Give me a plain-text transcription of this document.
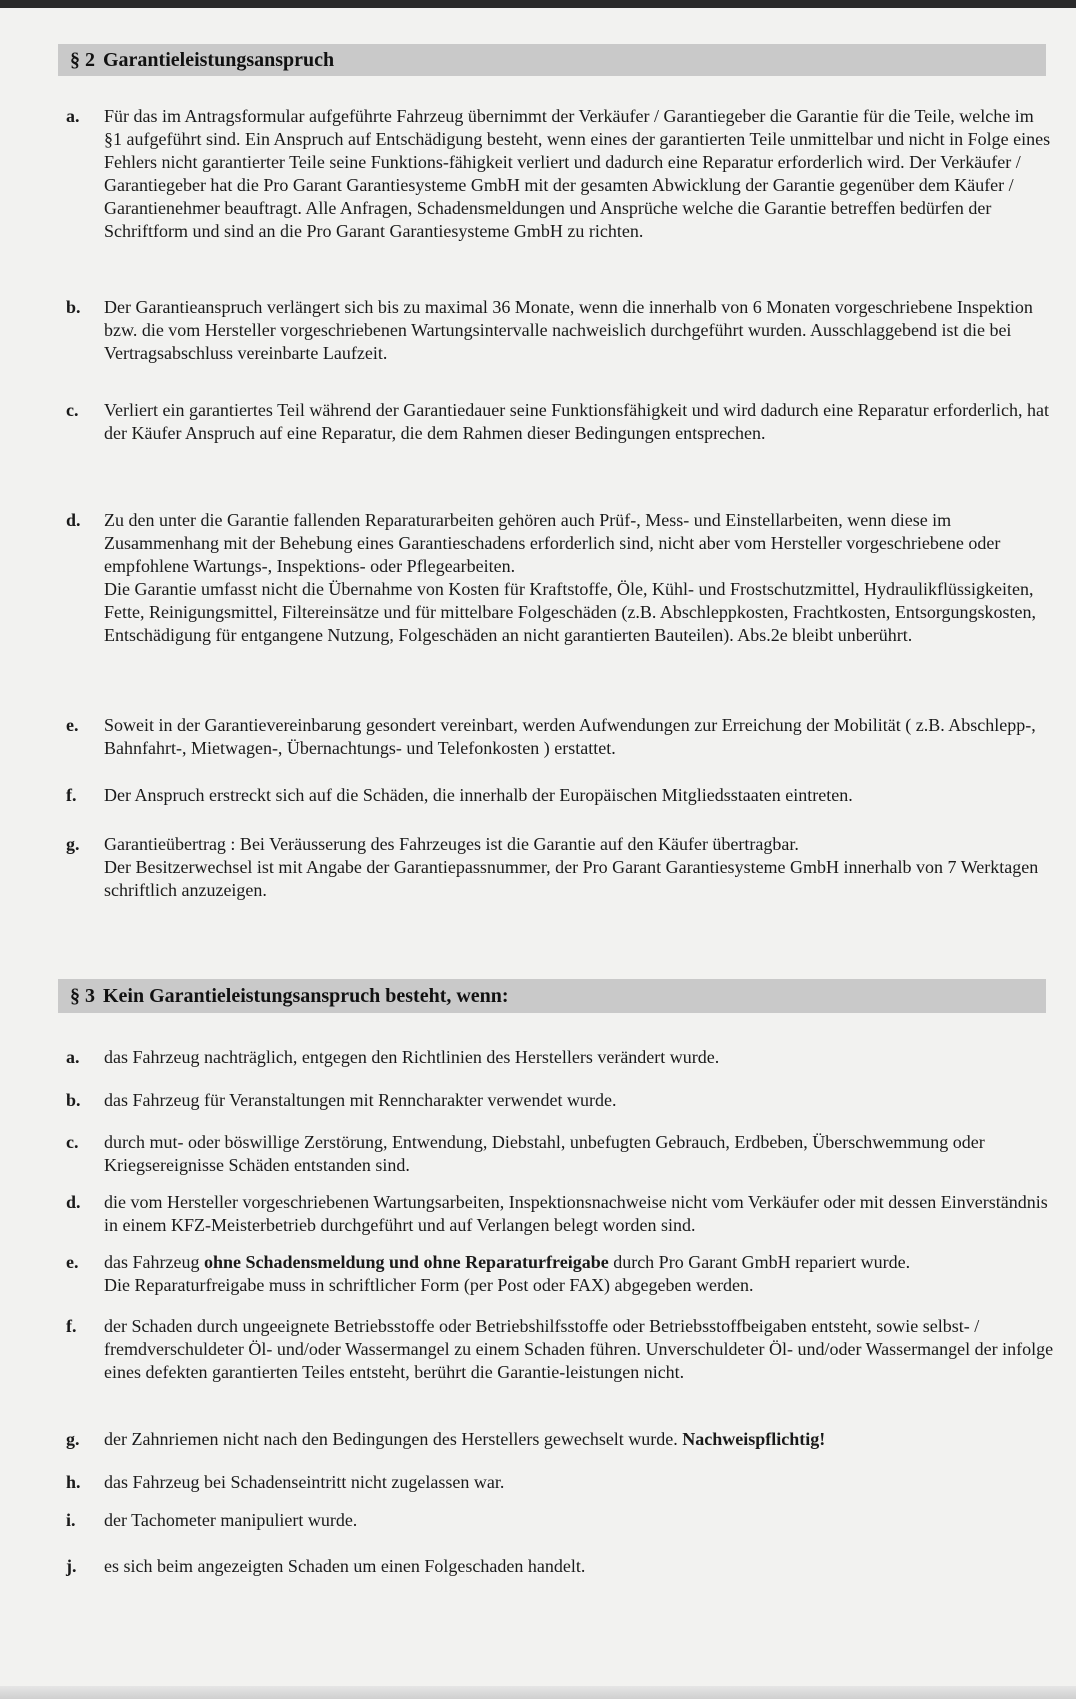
§ 2 Garantieleistungsanspruch
a.	Für das im Antragsformular aufgeführte Fahrzeug übernimmt der Verkäufer / Garantiegeber die Garantie für die Teile, welche im §1 aufgeführt sind. Ein Anspruch auf Entschädigung besteht, wenn eines der garantierten Teile unmittelbar und nicht in Folge eines Fehlers nicht garantierter Teile seine Funktions-fähigkeit verliert und dadurch eine Reparatur erforderlich wird. Der Verkäufer / Garantiegeber hat die Pro Garant Garantiesysteme GmbH mit der gesamten Abwicklung der Garantie gegenüber dem Käufer / Garantienehmer beauftragt. Alle Anfragen, Schadensmeldungen und Ansprüche welche die Garantie betreffen bedürfen der Schriftform und sind an die Pro Garant Garantiesysteme GmbH zu richten.

b.	Der Garantieanspruch verlängert sich bis zu maximal 36 Monate, wenn die innerhalb von 6 Monaten vorgeschriebene Inspektion bzw. die vom Hersteller vorgeschriebenen Wartungsintervalle nachweislich durchgeführt wurden. Ausschlaggebend ist die bei Vertragsabschluss vereinbarte Laufzeit.

c.	Verliert ein garantiertes Teil während der Garantiedauer seine Funktionsfähigkeit und wird dadurch eine Reparatur erforderlich, hat der Käufer Anspruch auf eine Reparatur, die dem Rahmen dieser Bedingungen entsprechen.

d.	Zu den unter die Garantie fallenden Reparaturarbeiten gehören auch Prüf-, Mess- und Einstellarbeiten, wenn diese im Zusammenhang mit der Behebung eines Garantieschadens erforderlich sind, nicht aber vom Hersteller vorgeschriebene oder empfohlene Wartungs-, Inspektions- oder Pflegearbeiten.

Die Garantie umfasst nicht die Übernahme von Kosten für Kraftstoffe, Öle, Kühl- und Frostschutzmittel, Hydraulikflüssigkeiten, Fette, Reinigungsmittel, Filtereinsätze und für mittelbare Folgeschäden (z.B. Abschleppkosten, Frachtkosten, Entsorgungskosten, Entschädigung für entgangene Nutzung, Folgeschäden an nicht garantierten Bauteilen). Abs.2e bleibt unberührt.

e.	Soweit in der Garantievereinbarung gesondert vereinbart, werden Aufwendungen zur Erreichung der Mobilität ( z.B. Abschlepp-, Bahnfahrt-, Mietwagen-, Übernachtungs- und Telefonkosten ) erstattet.

f.	Der Anspruch erstreckt sich auf die Schäden, die innerhalb der Europäischen Mitgliedsstaaten eintreten.

g.	Garantieübertrag : Bei Veräusserung des Fahrzeuges ist die Garantie auf den Käufer übertragbar.

Der Besitzerwechsel ist mit Angabe der Garantiepassnummer, der Pro Garant Garantiesysteme GmbH innerhalb von 7 Werktagen schriftlich anzuzeigen.

§ 3 Kein Garantieleistungsanspruch besteht, wenn:
a.	das Fahrzeug nachträglich, entgegen den Richtlinien des Herstellers verändert wurde.

b.	das Fahrzeug für Veranstaltungen mit Renncharakter verwendet wurde.

c.	durch mut- oder böswillige Zerstörung, Entwendung, Diebstahl, unbefugten Gebrauch, Erdbeben, Überschwemmung oder Kriegsereignisse Schäden entstanden sind.

d.	die vom Hersteller vorgeschriebenen Wartungsarbeiten, Inspektionsnachweise nicht vom Verkäufer oder mit dessen Einverständnis in einem KFZ-Meisterbetrieb durchgeführt und auf Verlangen belegt worden sind.

e.	das Fahrzeug ohne Schadensmeldung und ohne Reparaturfreigabe durch Pro Garant GmbH repariert wurde.

Die Reparaturfreigabe muss in schriftlicher Form (per Post oder FAX) abgegeben werden.

f.	der Schaden durch ungeeignete Betriebsstoffe oder Betriebshilfsstoffe oder Betriebsstoffbeigaben entsteht, sowie selbst- / fremdverschuldeter Öl- und/oder Wassermangel zu einem Schaden führen. Unverschuldeter Öl- und/oder Wassermangel der infolge eines defekten garantierten Teiles entsteht, berührt die Garantie-leistungen nicht.

g.	der Zahnriemen nicht nach den Bedingungen des Herstellers gewechselt wurde. Nachweispflichtig!

h.	das Fahrzeug bei Schadenseintritt nicht zugelassen war.

i.	der Tachometer manipuliert wurde.

j.	es sich beim angezeigten Schaden um einen Folgeschaden handelt.
